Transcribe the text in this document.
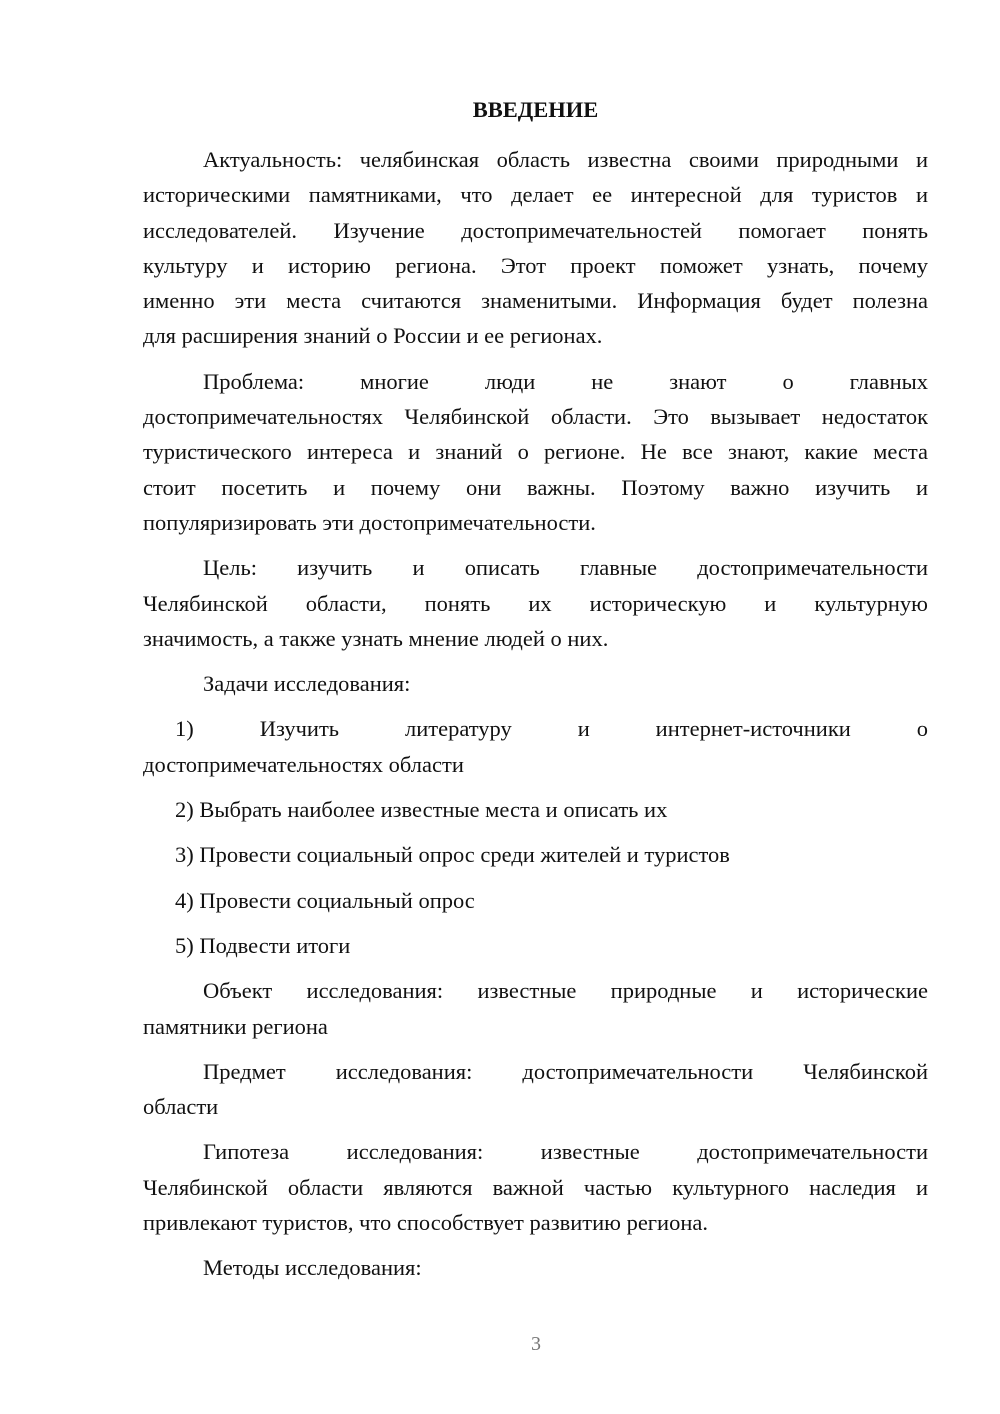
ВВЕДЕНИЕ
Актуальность: челябинская область известна своими природными и
историческими памятниками, что делает ее интересной для туристов и
исследователей. Изучение достопримечательностей помогает понять
культуру и историю региона. Этот проект поможет узнать, почему
именно эти места считаются знаменитыми. Информация будет полезна
для расширения знаний о России и ее регионах.
Проблема: многие люди не знают о главных
достопримечательностях Челябинской области. Это вызывает недостаток
туристического интереса и знаний о регионе. Не все знают, какие места
стоит посетить и почему они важны. Поэтому важно изучить и
популяризировать эти достопримечательности.
Цель: изучить и описать главные достопримечательности
Челябинской области, понять их историческую и культурную
значимость, а также узнать мнение людей о них.
Задачи исследования:
1) Изучить литературу и интернет-источники о
достопримечательностях области
2) Выбрать наиболее известные места и описать их
3) Провести социальный опрос среди жителей и туристов
4) Провести социальный опрос
5) Подвести итоги
Объект исследования: известные природные и исторические
памятники региона
Предмет исследования: достопримечательности Челябинской
области
Гипотеза исследования: известные достопримечательности
Челябинской области являются важной частью культурного наследия и
привлекают туристов, что способствует развитию региона.
Методы исследования:
3
